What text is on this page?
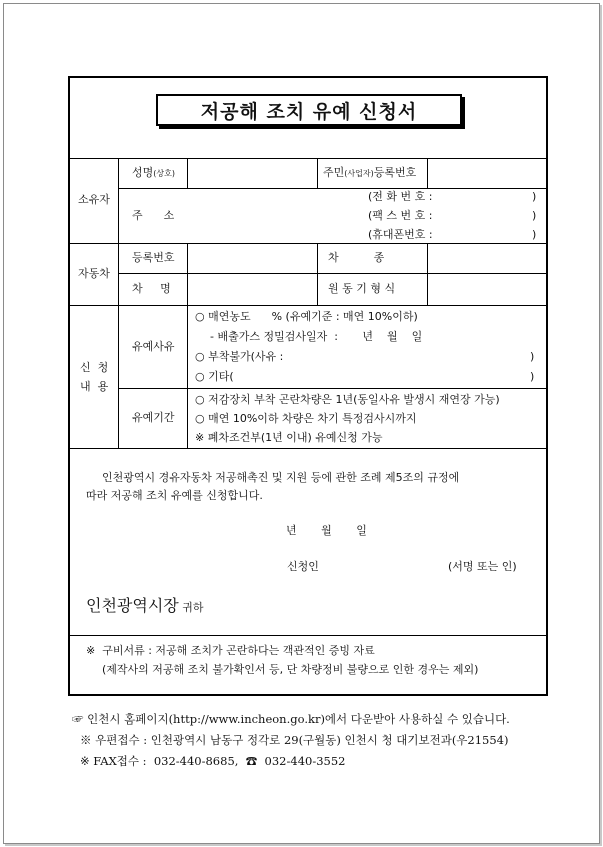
저공해 조치 유예 신청서
소유자
성명(상호)	주민(사업자)등록번호
주      소
(전 화 번 호 :	)
(팩 스 번 호 :	)
(휴대폰번호 :	)
자동차
등록번호	차          종
차     명	원 동 기 형 식
신  청
내  용
유예사유
○ 매연농도      % (유예기준 : 매연 10%이하)
- 배출가스 정밀검사일자  :       년    월    일
○ 부착불가(사유 :	)
○ 기타(	)
유예기간
○ 저감장치 부착 곤란차량은 1년(동일사유 발생시 재연장 가능)
○ 매연 10%이하 차량은 차기 특정검사시까지
※ 폐차조건부(1년 이내) 유예신청 가능
인천광역시 경유자동차 저공해촉진 및 지원 등에 관한 조례 제5조의 규정에
따라 저공해 조치 유예를 신청합니다.
년       월       일
신청인	(서명 또는 인)
인천광역시장 귀하
※  구비서류 : 저공해 조치가 곤란하다는 객관적인 증빙 자료
(제작사의 저공해 조치 불가확인서 등, 단 차량정비 불량으로 인한 경우는 제외)
☞ 인천시 홈페이지(http://www.incheon.go.kr)에서 다운받아 사용하실 수 있습니다.
※ 우편접수 : 인천광역시 남동구 정각로 29(구월동) 인천시 청 대기보전과(우21554)
※ FAX접수 :  032-440-8685,  ☎  032-440-3552
